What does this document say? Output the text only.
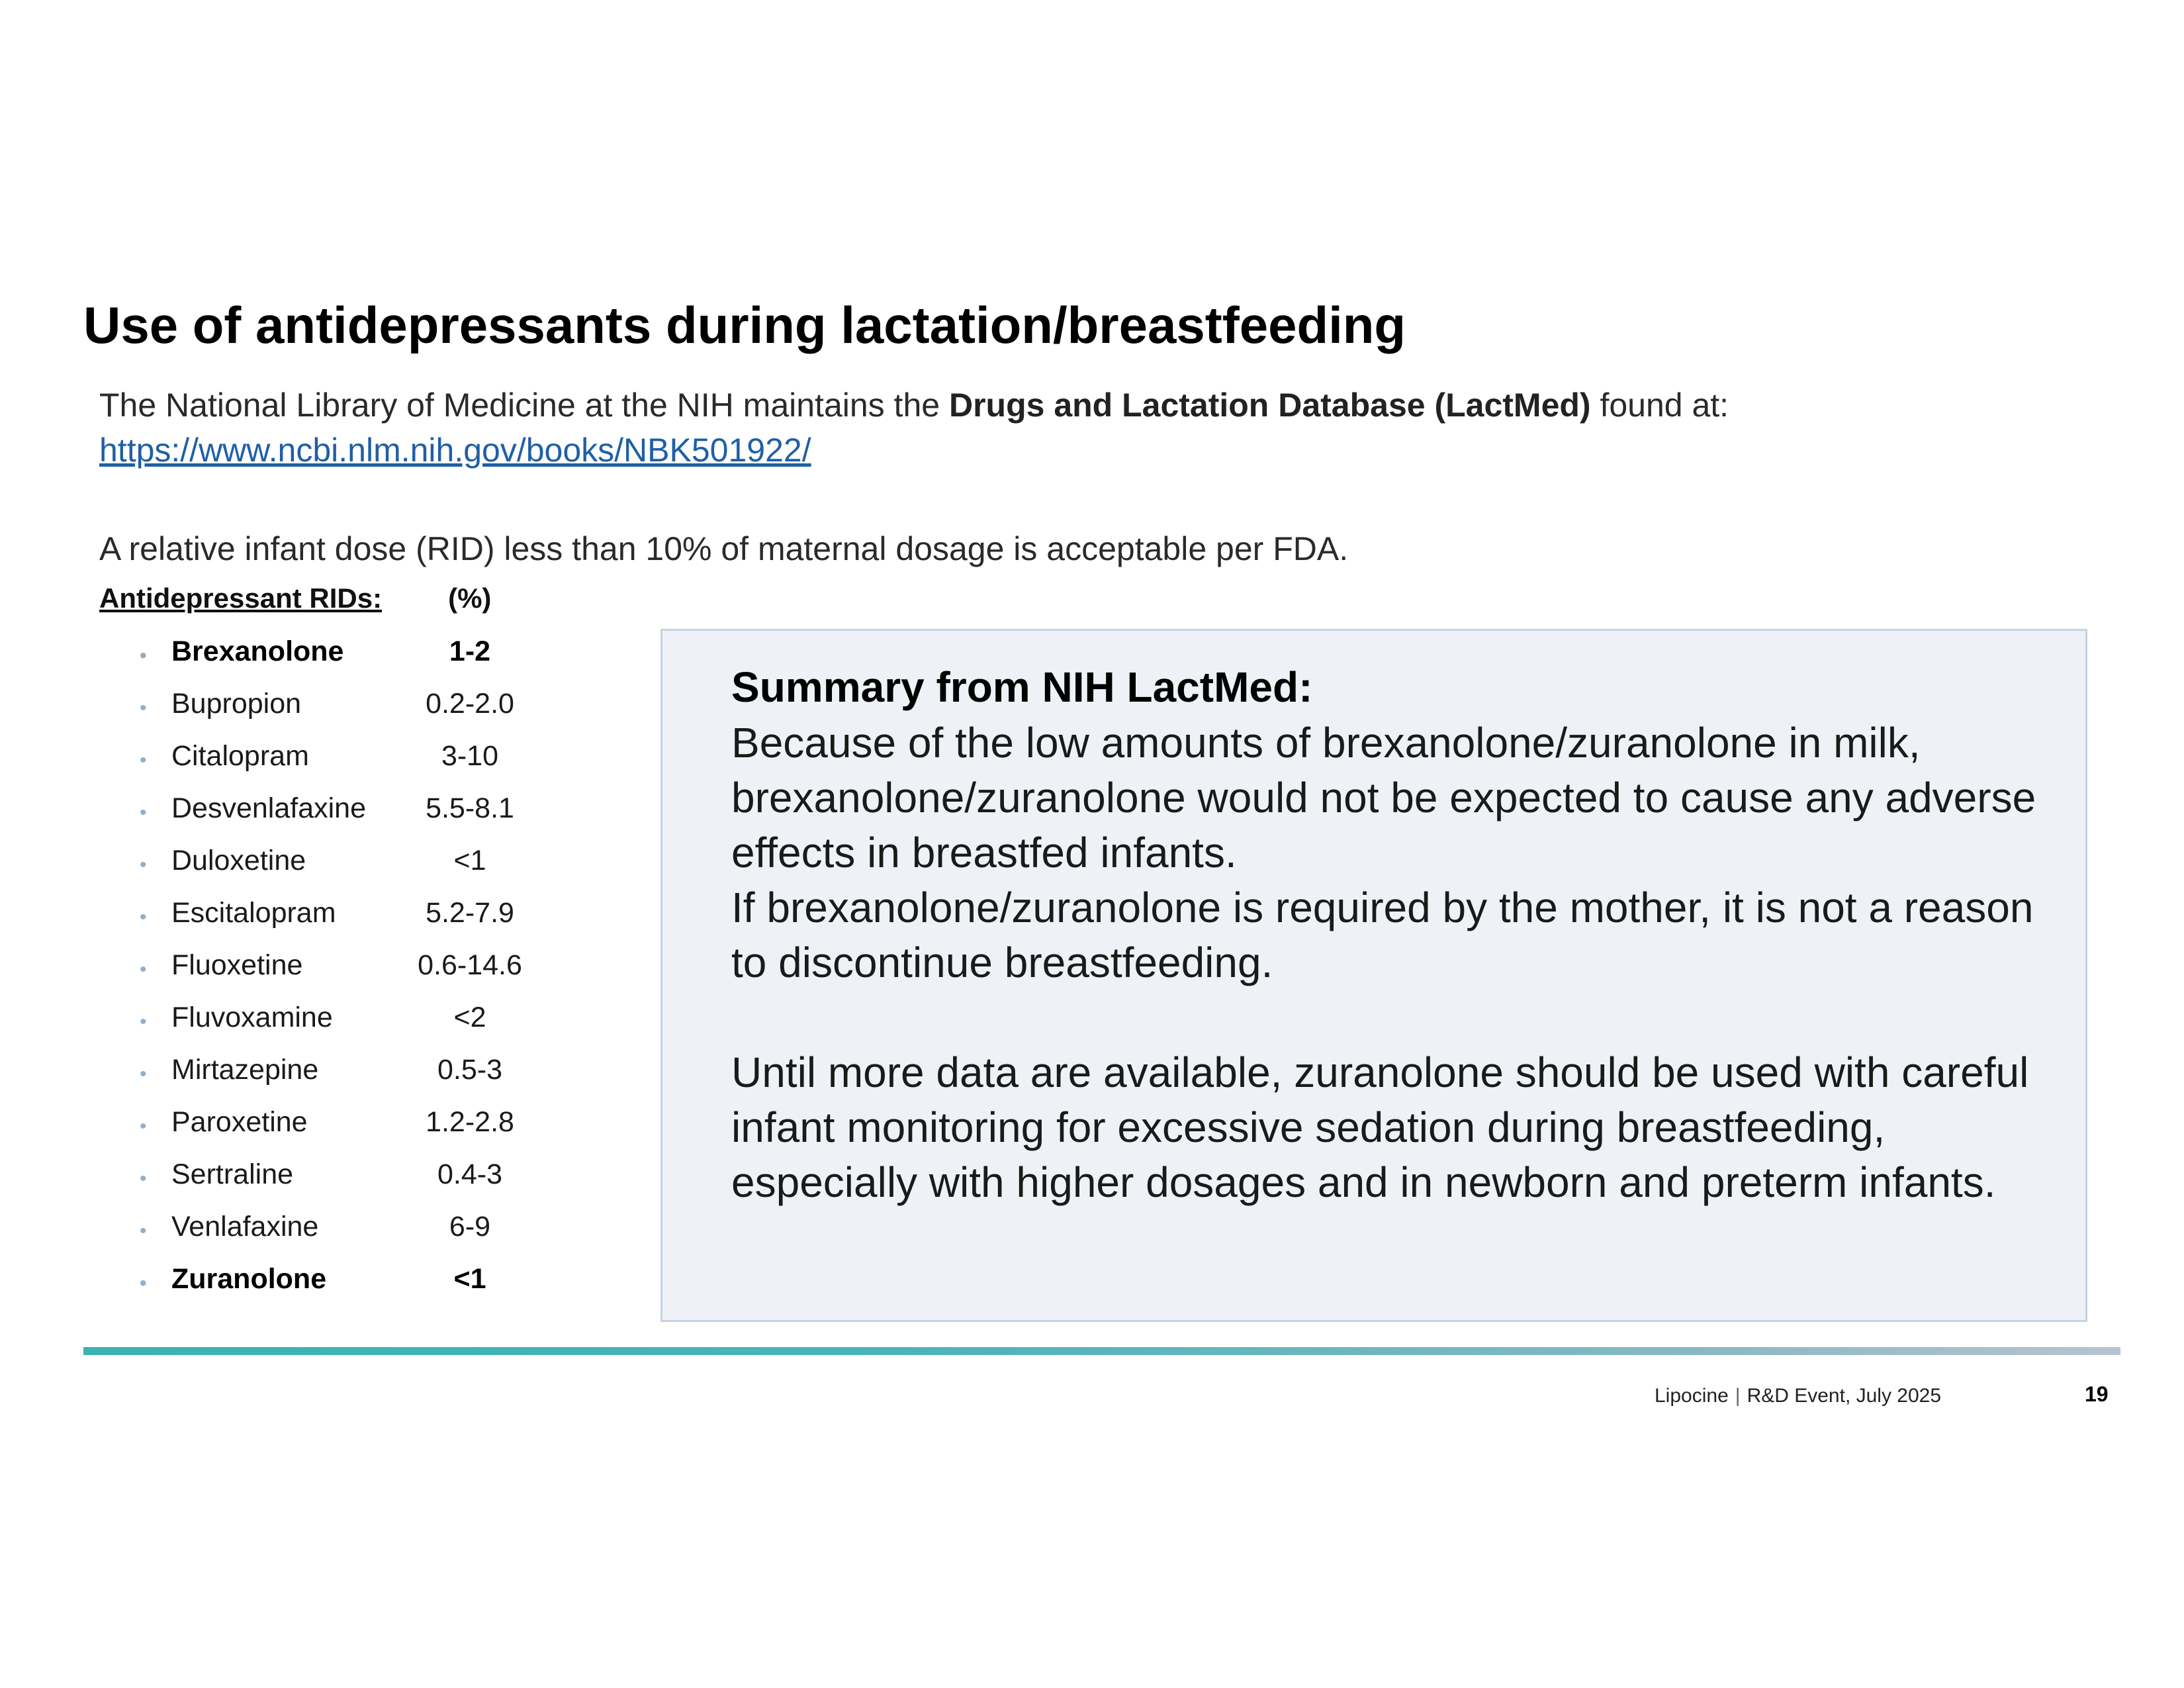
Use of antidepressants during lactation/breastfeeding
The National Library of Medicine at the NIH maintains the Drugs and Lactation Database (LactMed) found at:
https://www.ncbi.nlm.nih.gov/books/NBK501922/
A relative infant dose (RID) less than 10% of maternal dosage is acceptable per FDA.
Antidepressant RIDs: (%)
• Brexanolone	1-2
• Bupropion	0.2-2.0
• Citalopram	3-10
• Desvenlafaxine	5.5-8.1
• Duloxetine	<1
• Escitalopram	5.2-7.9
• Fluoxetine	0.6-14.6
• Fluvoxamine	<2
• Mirtazepine	0.5-3
• Paroxetine	1.2-2.8
• Sertraline	0.4-3
• Venlafaxine	6-9
• Zuranolone	<1
Summary from NIH LactMed:

Because of the low amounts of brexanolone/zuranolone in milk, brexanolone/zuranolone would not be expected to cause any adverse effects in breastfed infants.

If brexanolone/zuranolone is required by the mother, it is not a reason to discontinue breastfeeding.

Until more data are available, zuranolone should be used with careful infant monitoring for excessive sedation during breastfeeding, especially with higher dosages and in newborn and preterm infants.

Lipocine | R&D Event, July 2025	19
